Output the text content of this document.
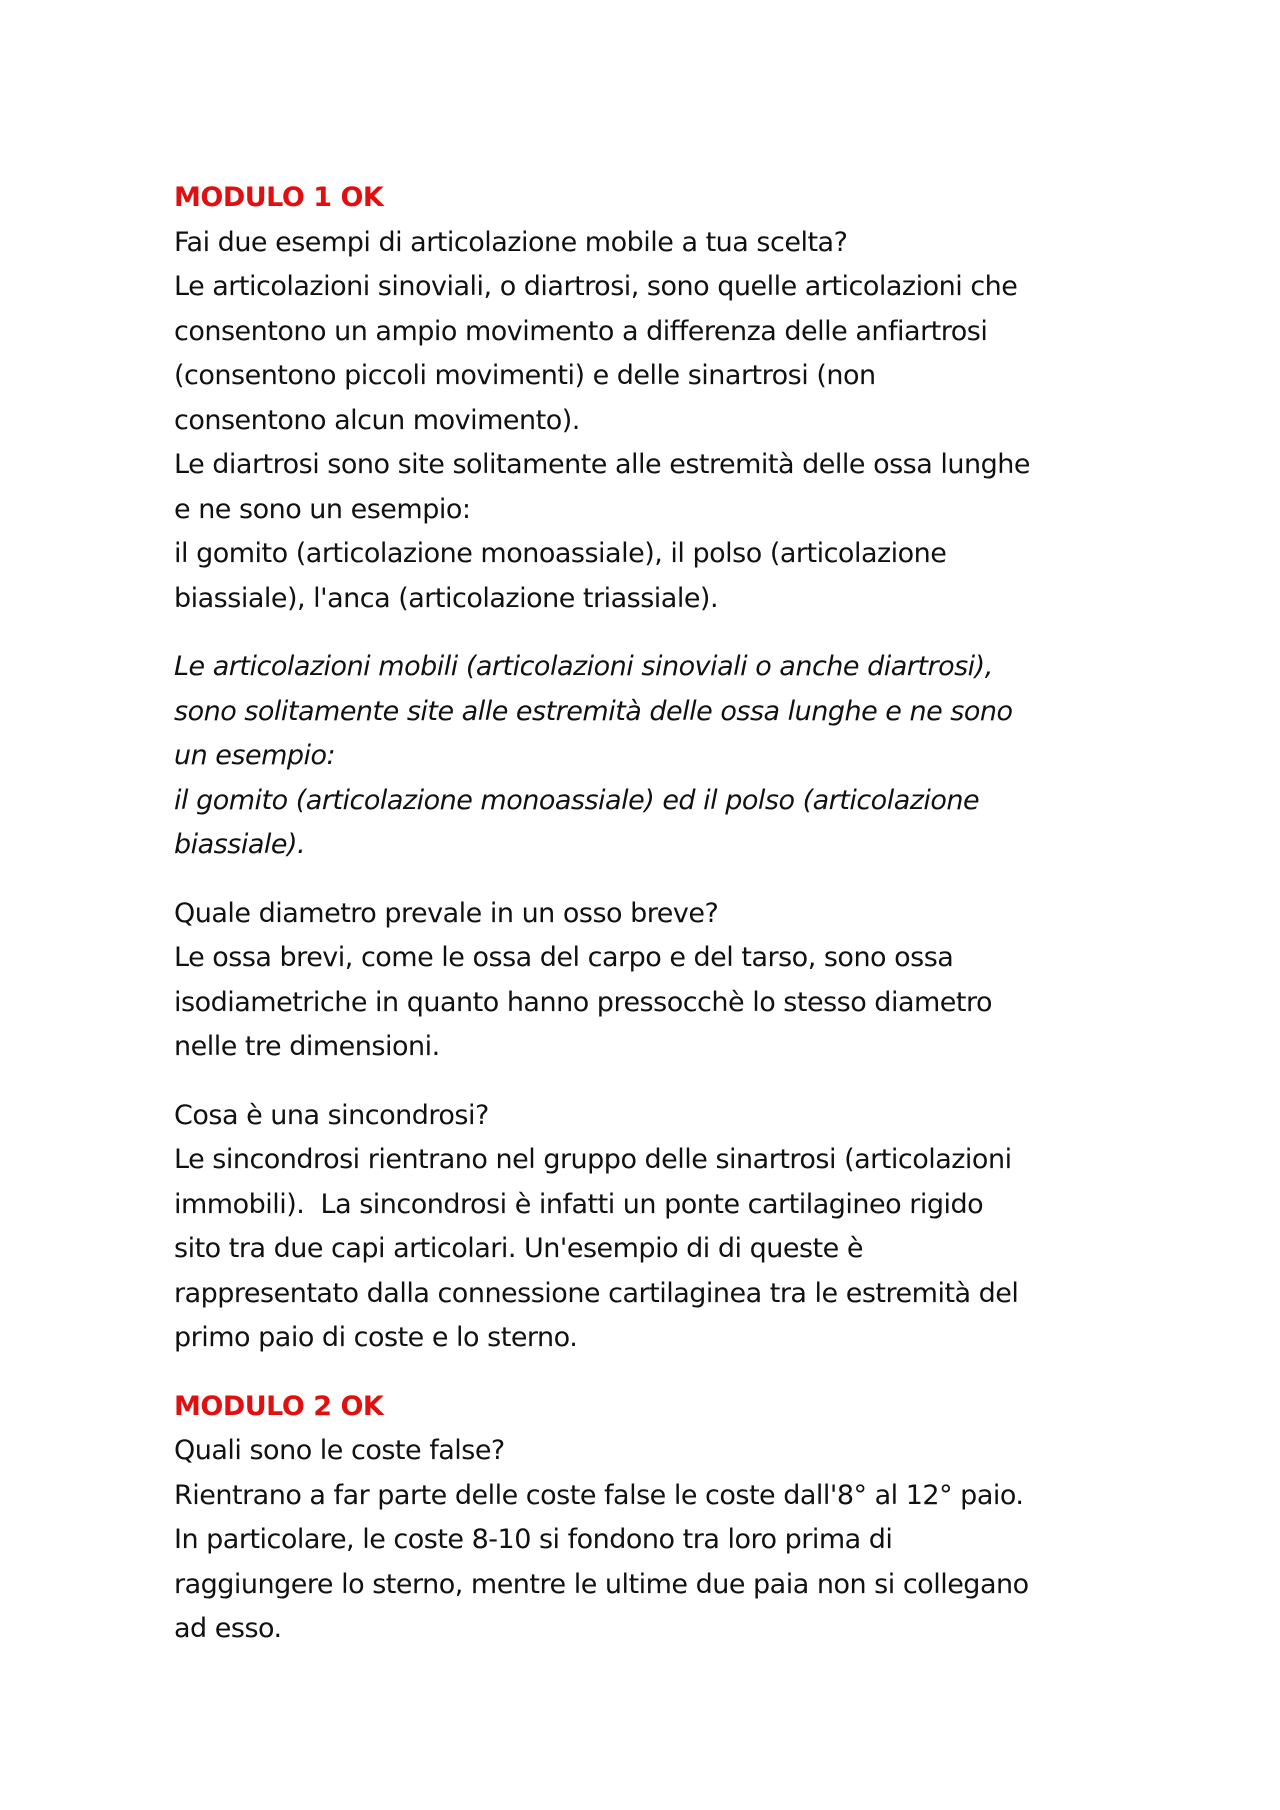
MODULO 1 OK
Fai due esempi di articolazione mobile a tua scelta?
Le articolazioni sinoviali, o diartrosi, sono quelle articolazioni che
consentono un ampio movimento a differenza delle anfiartrosi
(consentono piccoli movimenti) e delle sinartrosi (non
consentono alcun movimento).
Le diartrosi sono site solitamente alle estremità delle ossa lunghe
e ne sono un esempio:
il gomito (articolazione monoassiale), il polso (articolazione
biassiale), l'anca (articolazione triassiale).
Le articolazioni mobili (articolazioni sinoviali o anche diartrosi),
sono solitamente site alle estremità delle ossa lunghe e ne sono
un esempio:
il gomito (articolazione monoassiale) ed il polso (articolazione
biassiale).
Quale diametro prevale in un osso breve?
Le ossa brevi, come le ossa del carpo e del tarso, sono ossa
isodiametriche in quanto hanno pressocchè lo stesso diametro
nelle tre dimensioni.
Cosa è una sincondrosi?
Le sincondrosi rientrano nel gruppo delle sinartrosi (articolazioni
immobili).  La sincondrosi è infatti un ponte cartilagineo rigido
sito tra due capi articolari. Un'esempio di di queste è
rappresentato dalla connessione cartilaginea tra le estremità del
primo paio di coste e lo sterno.
MODULO 2 OK
Quali sono le coste false?
Rientrano a far parte delle coste false le coste dall'8° al 12° paio.
In particolare, le coste 8-10 si fondono tra loro prima di
raggiungere lo sterno, mentre le ultime due paia non si collegano
ad esso.
